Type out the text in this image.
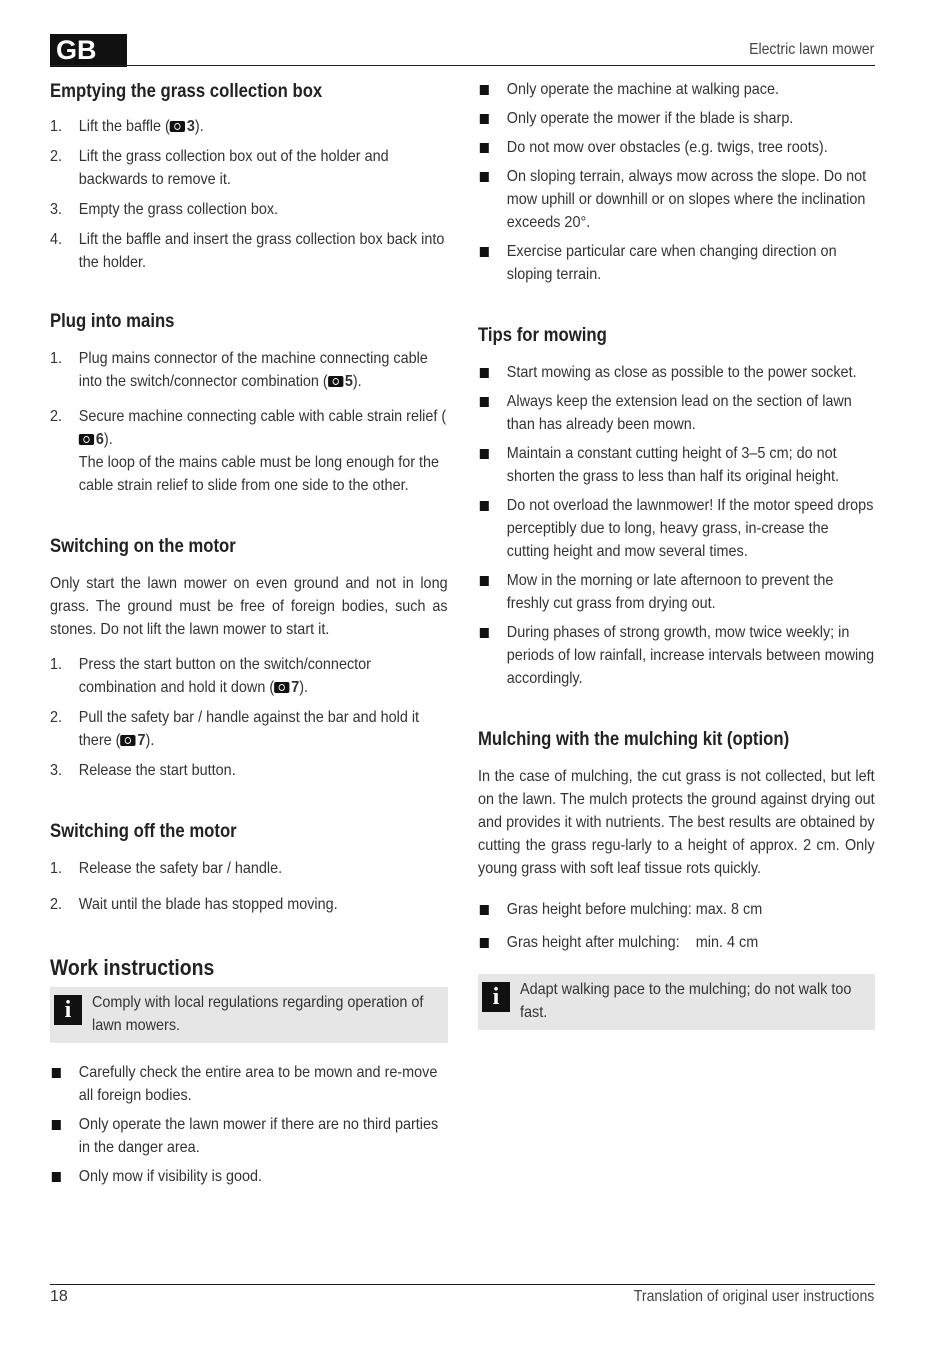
GB	Electric lawn mower
Emptying the grass collection box
1. Lift the baffle ( 3).
2. Lift the grass collection box out of the holder and backwards to remove it.
3. Empty the grass collection box.
4. Lift the baffle and insert the grass collection box back into the holder.
Plug into mains
1. Plug mains connector of the machine connecting cable into the switch/connector combination ( 5).
2. Secure machine connecting cable with cable strain relief (6).
The loop of the mains cable must be long enough for the cable strain relief to slide from one side to the other.
Switching on the motor

Only start the lawn mower on even ground and not in long grass. The ground must be free of foreign bodies, such as stones. Do not lift the lawn mower to start it.

1. Press the start button on the switch/connector combination and hold it down ( 7).
2. Pull the safety bar / handle against the bar and hold it there ( 7).
3. Release the start button.
Switching off the motor
1. Release the safety bar / handle.
2. Wait until the blade has stopped moving.
Work instructions
i	Comply with local regulations regarding operation of lawn mowers.
Carefully check the entire area to be mown and re-move all foreign bodies.
Only operate the lawn mower if there are no third parties in the danger area.
Only mow if visibility is good.
Only operate the machine at walking pace.
Only operate the mower if the blade is sharp.
Do not mow over obstacles (e.g. twigs, tree roots).
On sloping terrain, always mow across the slope. Do not mow uphill or downhill or on slopes where the inclination exceeds 20°.
Exercise particular care when changing direction on sloping terrain.
Tips for mowing
Start mowing as close as possible to the power socket.
Always keep the extension lead on the section of lawn than has already been mown.
Maintain a constant cutting height of 3–5 cm; do not shorten the grass to less than half its original height.
Do not overload the lawnmower! If the motor speed drops perceptibly due to long, heavy grass, in-crease the cutting height and mow several times.
Mow in the morning or late afternoon to prevent the freshly cut grass from drying out.
During phases of strong growth, mow twice weekly; in periods of low rainfall, increase intervals between mowing accordingly.
Mulching with the mulching kit (option)

In the case of mulching, the cut grass is not collected, but left on the lawn. The mulch protects the ground against drying out and provides it with nutrients. The best results are obtained by cutting the grass regu-larly to a height of approx. 2 cm. Only young grass with soft leaf tissue rots quickly.

Gras height before mulching: max. 8 cm
Gras height after mulching: min. 4 cm
i	Adapt walking pace to the mulching; do not walk too fast.
18	Translation of original user instructions
